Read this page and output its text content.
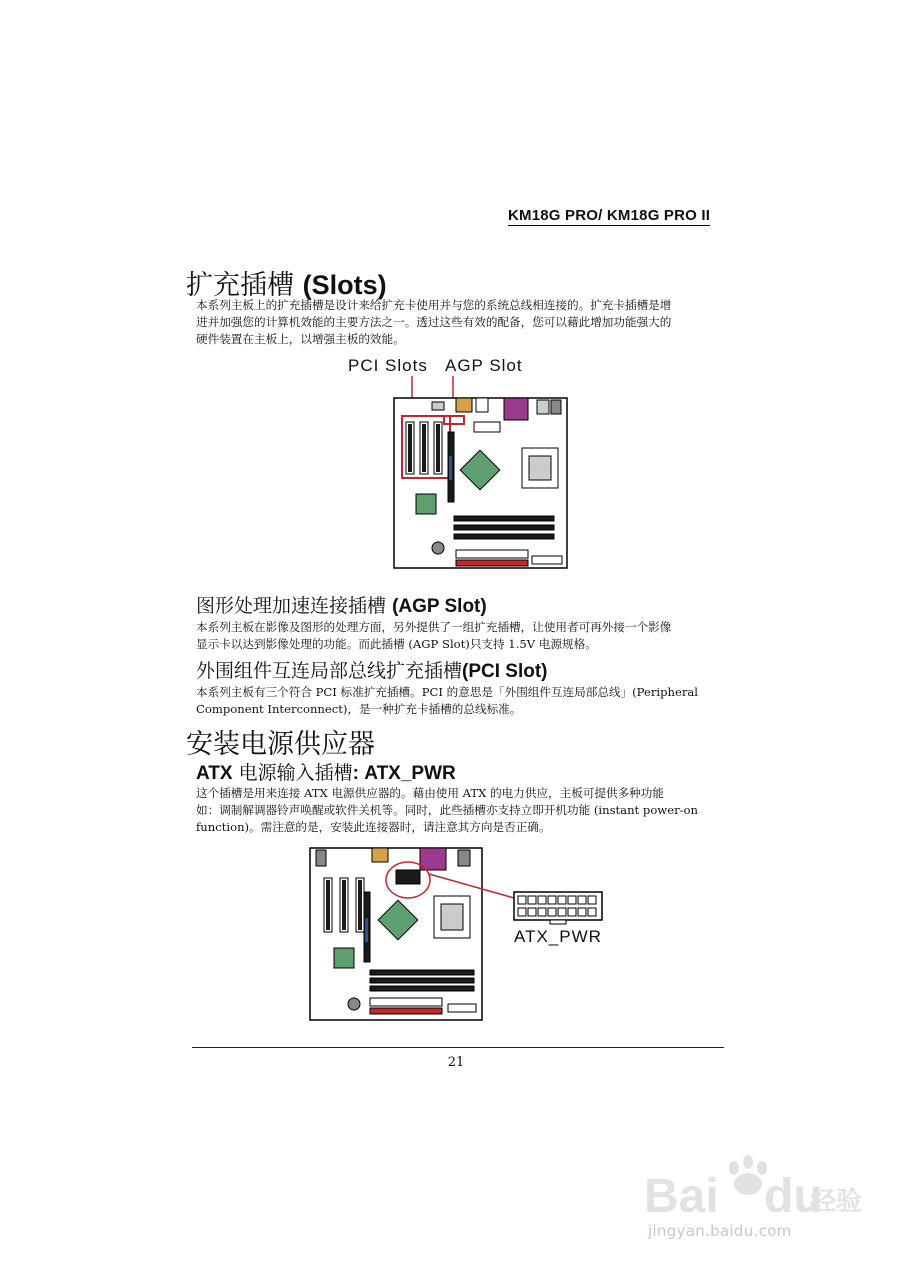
KM18G PRO/ KM18G PRO II
扩充插槽 (Slots)
本系列主板上的扩充插槽是设计来给扩充卡使用并与您的系统总线相连接的。扩充卡插槽是增
进并加强您的计算机效能的主要方法之一。透过这些有效的配备，您可以藉此增加功能强大的
硬件装置在主板上，以增强主板的效能。
PCI Slots AGP Slot
图形处理加速连接插槽 (AGP Slot)
本系列主板在影像及图形的处理方面，另外提供了一组扩充插槽，让使用者可再外接一个影像
显示卡以达到影像处理的功能。而此插槽 (AGP Slot)只支持 1.5V 电源规格。
外围组件互连局部总线扩充插槽(PCI Slot)
本系列主板有三个符合 PCI 标准扩充插槽。PCI 的意思是「外围组件互连局部总线」(Peripheral
Component Interconnect)，是一种扩充卡插槽的总线标准。
安装电源供应器
ATX 电源输入插槽: ATX_PWR
这个插槽是用来连接 ATX 电源供应器的。藉由使用 ATX 的电力供应，主板可提供多种功能
如：调制解调器铃声唤醒或软件关机等。同时，此些插槽亦支持立即开机功能 (instant power-on
function)。需注意的是，安装此连接器时，请注意其方向是否正确。
ATX_PWR
21
Bai du
经验
jingyan.baidu.com
